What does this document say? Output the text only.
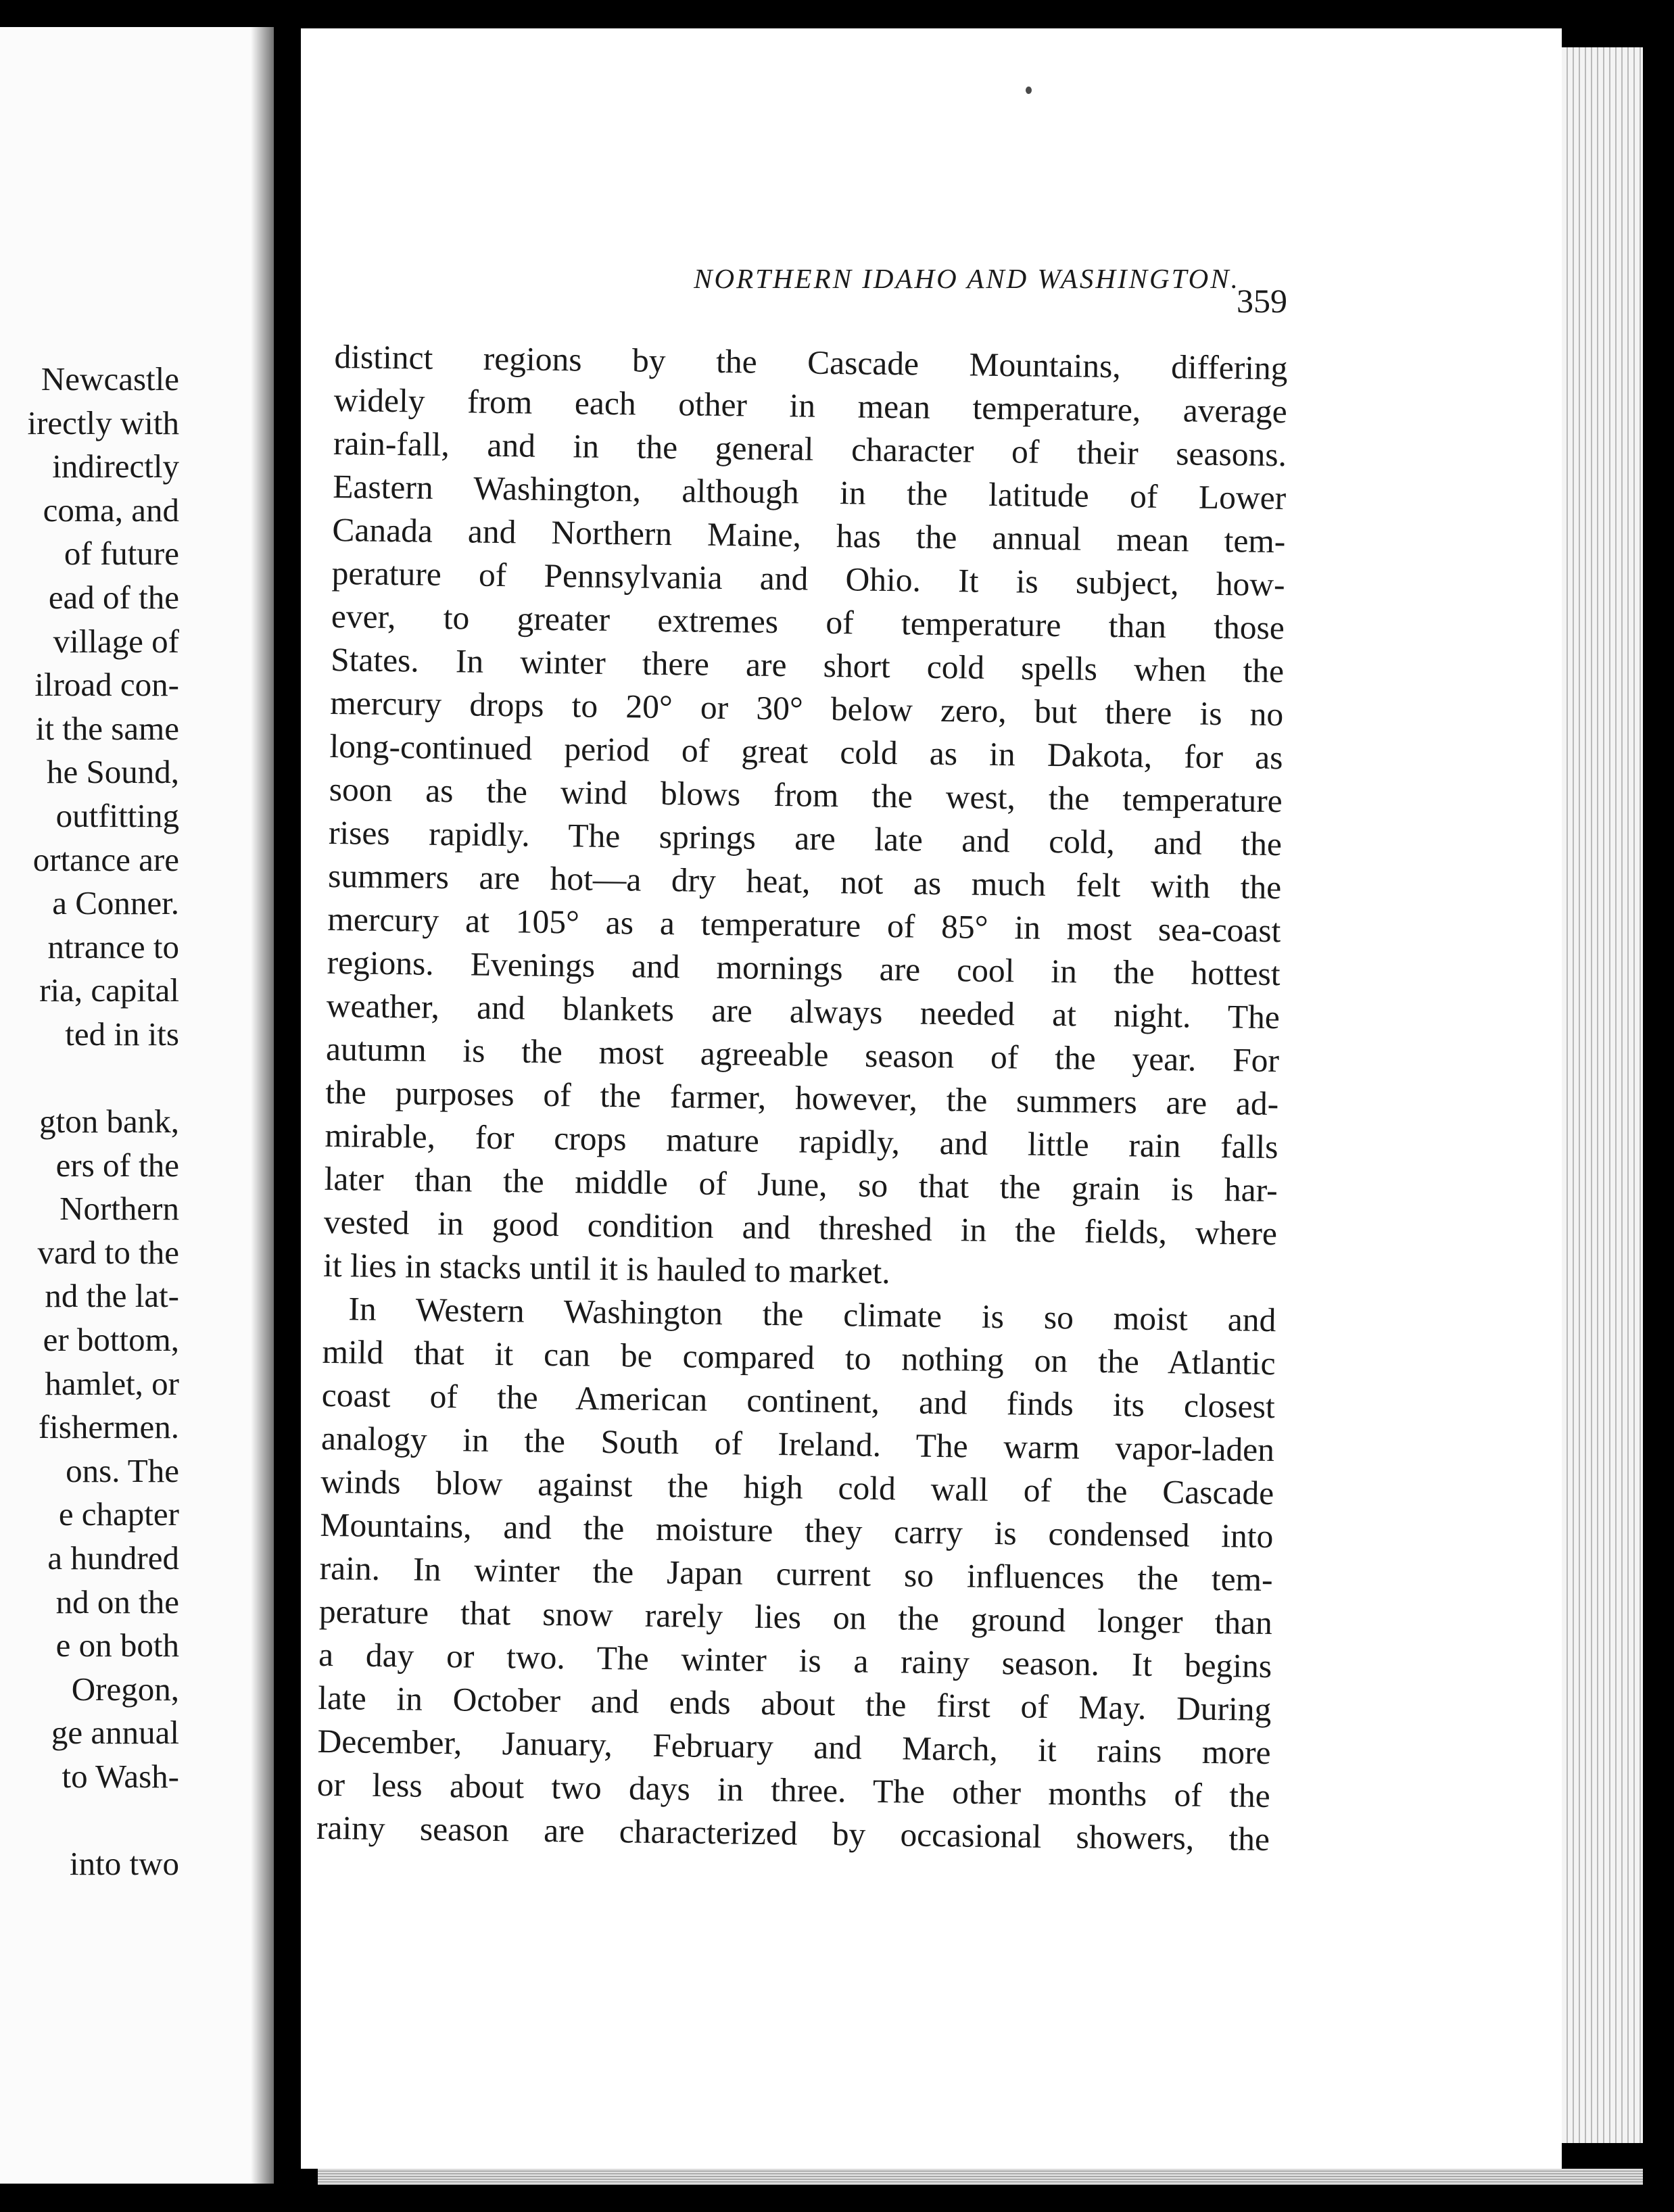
Newcastle
irectly with
indirectly
coma, and
of future
ead of the
village of
ilroad con-
it the same
he Sound,
outfitting
ortance are
a Conner.
ntrance to
ria, capital
ted in its
gton bank,
ers of the
Northern
vard to the
nd the lat-
er bottom,
hamlet, or
fishermen.
ons. The
e chapter
a hundred
nd on the
e on both
Oregon,
ge annual
to Wash-
into two
NORTHERN IDAHO AND WASHINGTON.
359
distinct regions by the Cascade Mountains, differing
widely from each other in mean temperature, average
rain-fall, and in the general character of their seasons.
Eastern Washington, although in the latitude of Lower
Canada and Northern Maine, has the annual mean tem-
perature of Pennsylvania and Ohio. It is subject, how-
ever, to greater extremes of temperature than those
States. In winter there are short cold spells when the
mercury drops to 20° or 30° below zero, but there is no
long-continued period of great cold as in Dakota, for as
soon as the wind blows from the west, the temperature
rises rapidly. The springs are late and cold, and the
summers are hot—a dry heat, not as much felt with the
mercury at 105° as a temperature of 85° in most sea-coast
regions. Evenings and mornings are cool in the hottest
weather, and blankets are always needed at night. The
autumn is the most agreeable season of the year. For
the purposes of the farmer, however, the summers are ad-
mirable, for crops mature rapidly, and little rain falls
later than the middle of June, so that the grain is har-
vested in good condition and threshed in the fields, where
it lies in stacks until it is hauled to market.
In Western Washington the climate is so moist and
mild that it can be compared to nothing on the Atlantic
coast of the American continent, and finds its closest
analogy in the South of Ireland. The warm vapor-laden
winds blow against the high cold wall of the Cascade
Mountains, and the moisture they carry is condensed into
rain. In winter the Japan current so influences the tem-
perature that snow rarely lies on the ground longer than
a day or two. The winter is a rainy season. It begins
late in October and ends about the first of May. During
December, January, February and March, it rains more
or less about two days in three. The other months of the
rainy season are characterized by occasional showers, the
